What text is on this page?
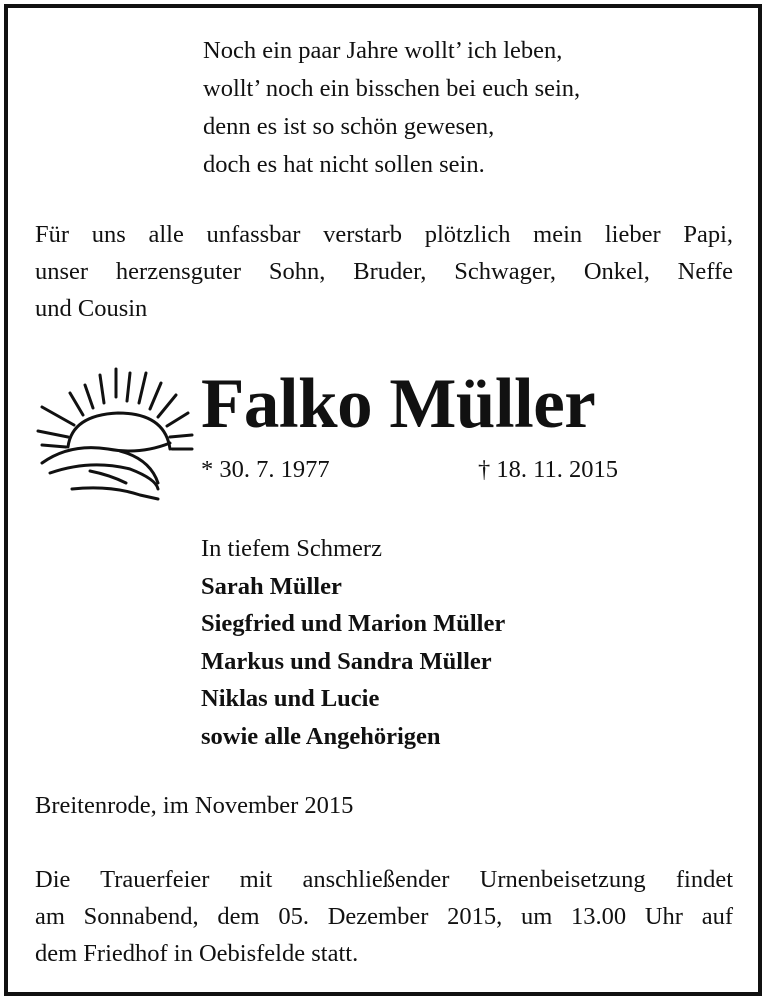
Noch ein paar Jahre wollt’ ich leben,
wollt’ noch ein bisschen bei euch sein,
denn es ist so schön gewesen,
doch es hat nicht sollen sein.
Für uns alle unfassbar verstarb plötzlich mein lieber Papi,
unser herzensguter Sohn, Bruder, Schwager, Onkel, Neffe
und Cousin
Falko Müller
* 30. 7. 1977	† 18. 11. 2015
In tiefem Schmerz
Sarah Müller
Siegfried und Marion Müller
Markus und Sandra Müller
Niklas und Lucie
sowie alle Angehörigen
Breitenrode, im November 2015
Die Trauerfeier mit anschließender Urnenbeisetzung findet
am Sonnabend, dem 05. Dezember 2015, um 13.00 Uhr auf
dem Friedhof in Oebisfelde statt.
